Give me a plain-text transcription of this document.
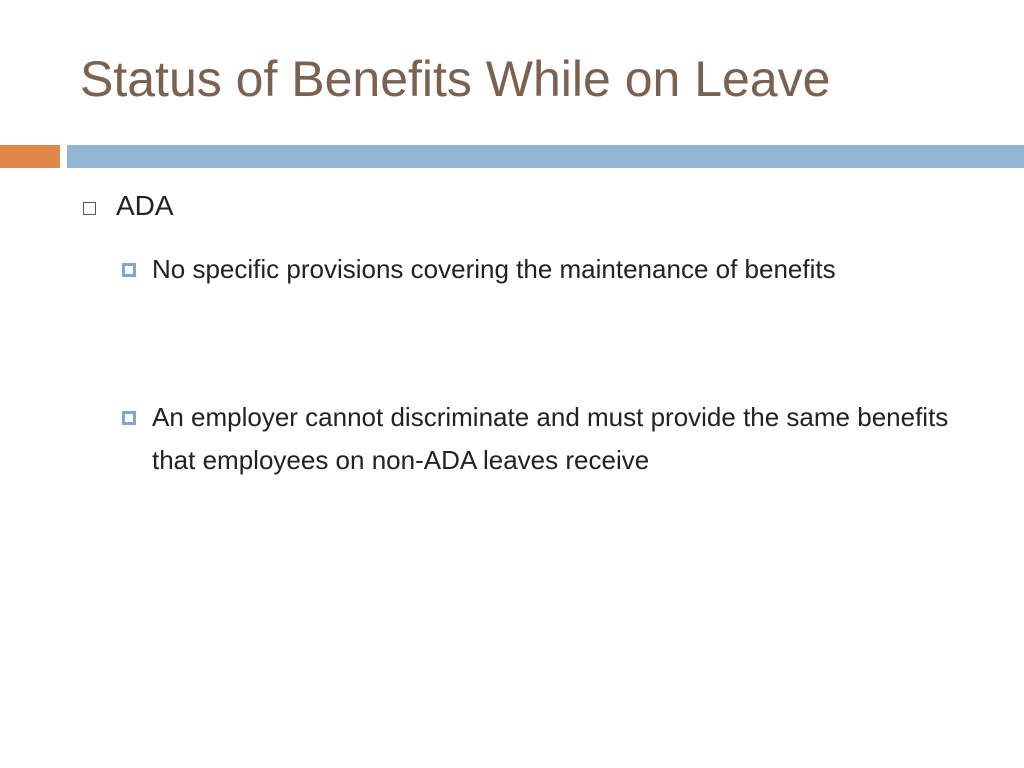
Status of Benefits While on Leave
ADA
No specific provisions covering the maintenance of benefits
An employer cannot discriminate and must provide the same benefits that employees on non-ADA leaves receive
